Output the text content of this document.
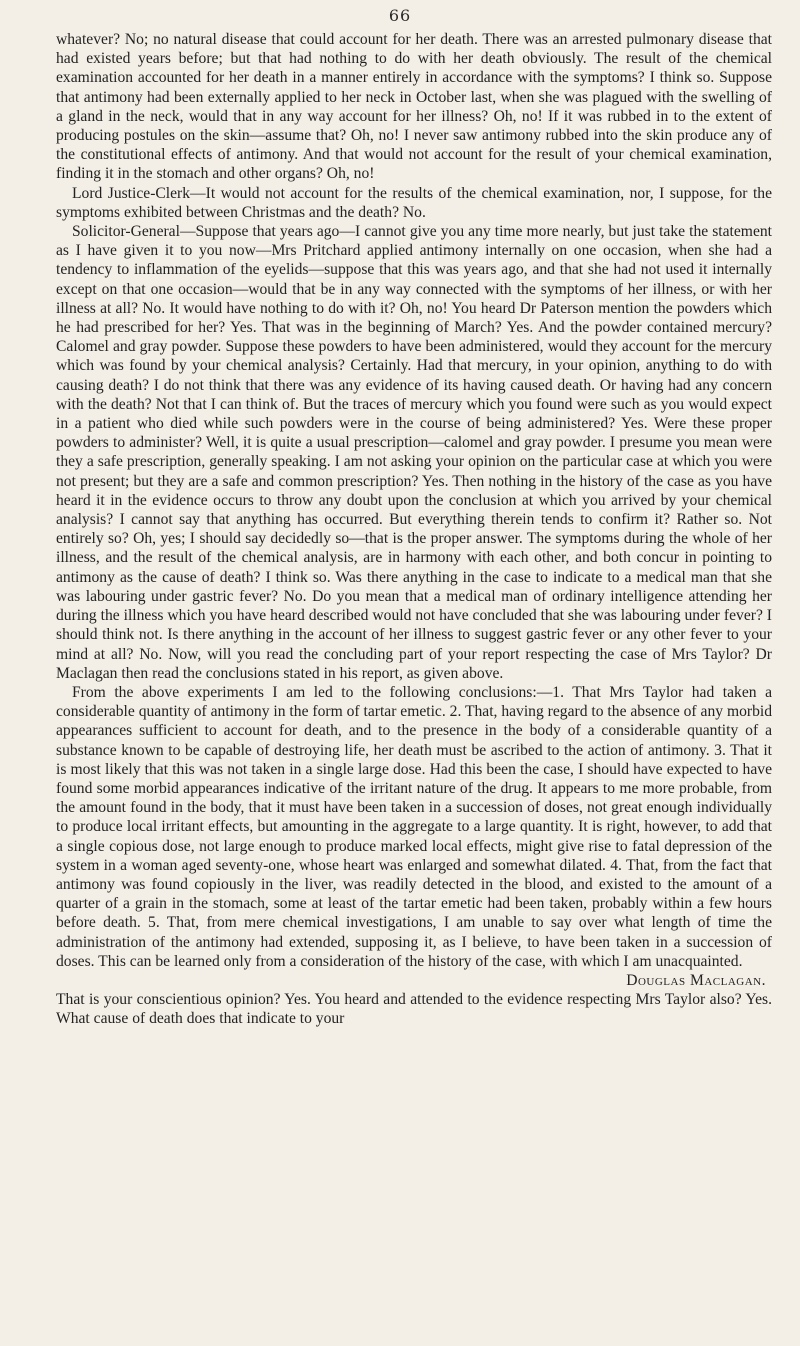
66

whatever? No; no natural disease that could account for her death. There was an arrested pulmonary disease that had existed years before; but that had nothing to do with her death obviously. The result of the chemical examination accounted for her death in a manner entirely in accordance with the symptoms? I think so. Suppose that antimony had been externally applied to her neck in October last, when she was plagued with the swelling of a gland in the neck, would that in any way account for her illness? Oh, no! If it was rubbed in to the extent of producing postules on the skin—assume that? Oh, no! I never saw antimony rubbed into the skin produce any of the constitutional effects of antimony. And that would not account for the result of your chemical examination, finding it in the stomach and other organs? Oh, no!

Lord Justice-Clerk—It would not account for the results of the chemical examination, nor, I suppose, for the symptoms exhibited between Christmas and the death? No.

Solicitor-General—Suppose that years ago—I cannot give you any time more nearly, but just take the statement as I have given it to you now—Mrs Pritchard applied antimony internally on one occasion, when she had a tendency to inflammation of the eyelids—suppose that this was years ago, and that she had not used it internally except on that one occasion—would that be in any way connected with the symptoms of her illness, or with her illness at all? No. It would have nothing to do with it? Oh, no! You heard Dr Paterson mention the powders which he had prescribed for her? Yes. That was in the beginning of March? Yes. And the powder contained mercury? Calomel and gray powder. Suppose these powders to have been administered, would they account for the mercury which was found by your chemical analysis? Certainly. Had that mercury, in your opinion, anything to do with causing death? I do not think that there was any evidence of its having caused death. Or having had any concern with the death? Not that I can think of. But the traces of mercury which you found were such as you would expect in a patient who died while such powders were in the course of being administered? Yes. Were these proper powders to administer? Well, it is quite a usual prescription—calomel and gray powder. I presume you mean were they a safe prescription, generally speaking. I am not asking your opinion on the particular case at which you were not present; but they are a safe and common prescription? Yes. Then nothing in the history of the case as you have heard it in the evidence occurs to throw any doubt upon the conclusion at which you arrived by your chemical analysis? I cannot say that anything has occurred. But everything therein tends to confirm it? Rather so. Not entirely so? Oh, yes; I should say decidedly so—that is the proper answer. The symptoms during the whole of her illness, and the result of the chemical analysis, are in harmony with each other, and both concur in pointing to antimony as the cause of death? I think so. Was there anything in the case to indicate to a medical man that she was labouring under gastric fever? No. Do you mean that a medical man of ordinary intelligence attending her during the illness which you have heard described would not have concluded that she was labouring under fever? I should think not. Is there anything in the account of her illness to suggest gastric fever or any other fever to your mind at all? No. Now, will you read the concluding part of your report respecting the case of Mrs Taylor? Dr Maclagan then read the conclusions stated in his report, as given above.

From the above experiments I am led to the following conclusions:—1. That Mrs Taylor had taken a considerable quantity of antimony in the form of tartar emetic. 2. That, having regard to the absence of any morbid appearances sufficient to account for death, and to the presence in the body of a considerable quantity of a substance known to be capable of destroying life, her death must be ascribed to the action of antimony. 3. That it is most likely that this was not taken in a single large dose. Had this been the case, I should have expected to have found some morbid appearances indicative of the irritant nature of the drug. It appears to me more probable, from the amount found in the body, that it must have been taken in a succession of doses, not great enough individually to produce local irritant effects, but amounting in the aggregate to a large quantity. It is right, however, to add that a single copious dose, not large enough to produce marked local effects, might give rise to fatal depression of the system in a woman aged seventy-one, whose heart was enlarged and somewhat dilated. 4. That, from the fact that antimony was found copiously in the liver, was readily detected in the blood, and existed to the amount of a quarter of a grain in the stomach, some at least of the tartar emetic had been taken, probably within a few hours before death. 5. That, from mere chemical investigations, I am unable to say over what length of time the administration of the antimony had extended, supposing it, as I believe, to have been taken in a succession of doses. This can be learned only from a consideration of the history of the case, with which I am unacquainted.

Douglas Maclagan.

That is your conscientious opinion? Yes. You heard and attended to the evidence respecting Mrs Taylor also? Yes. What cause of death does that indicate to your
